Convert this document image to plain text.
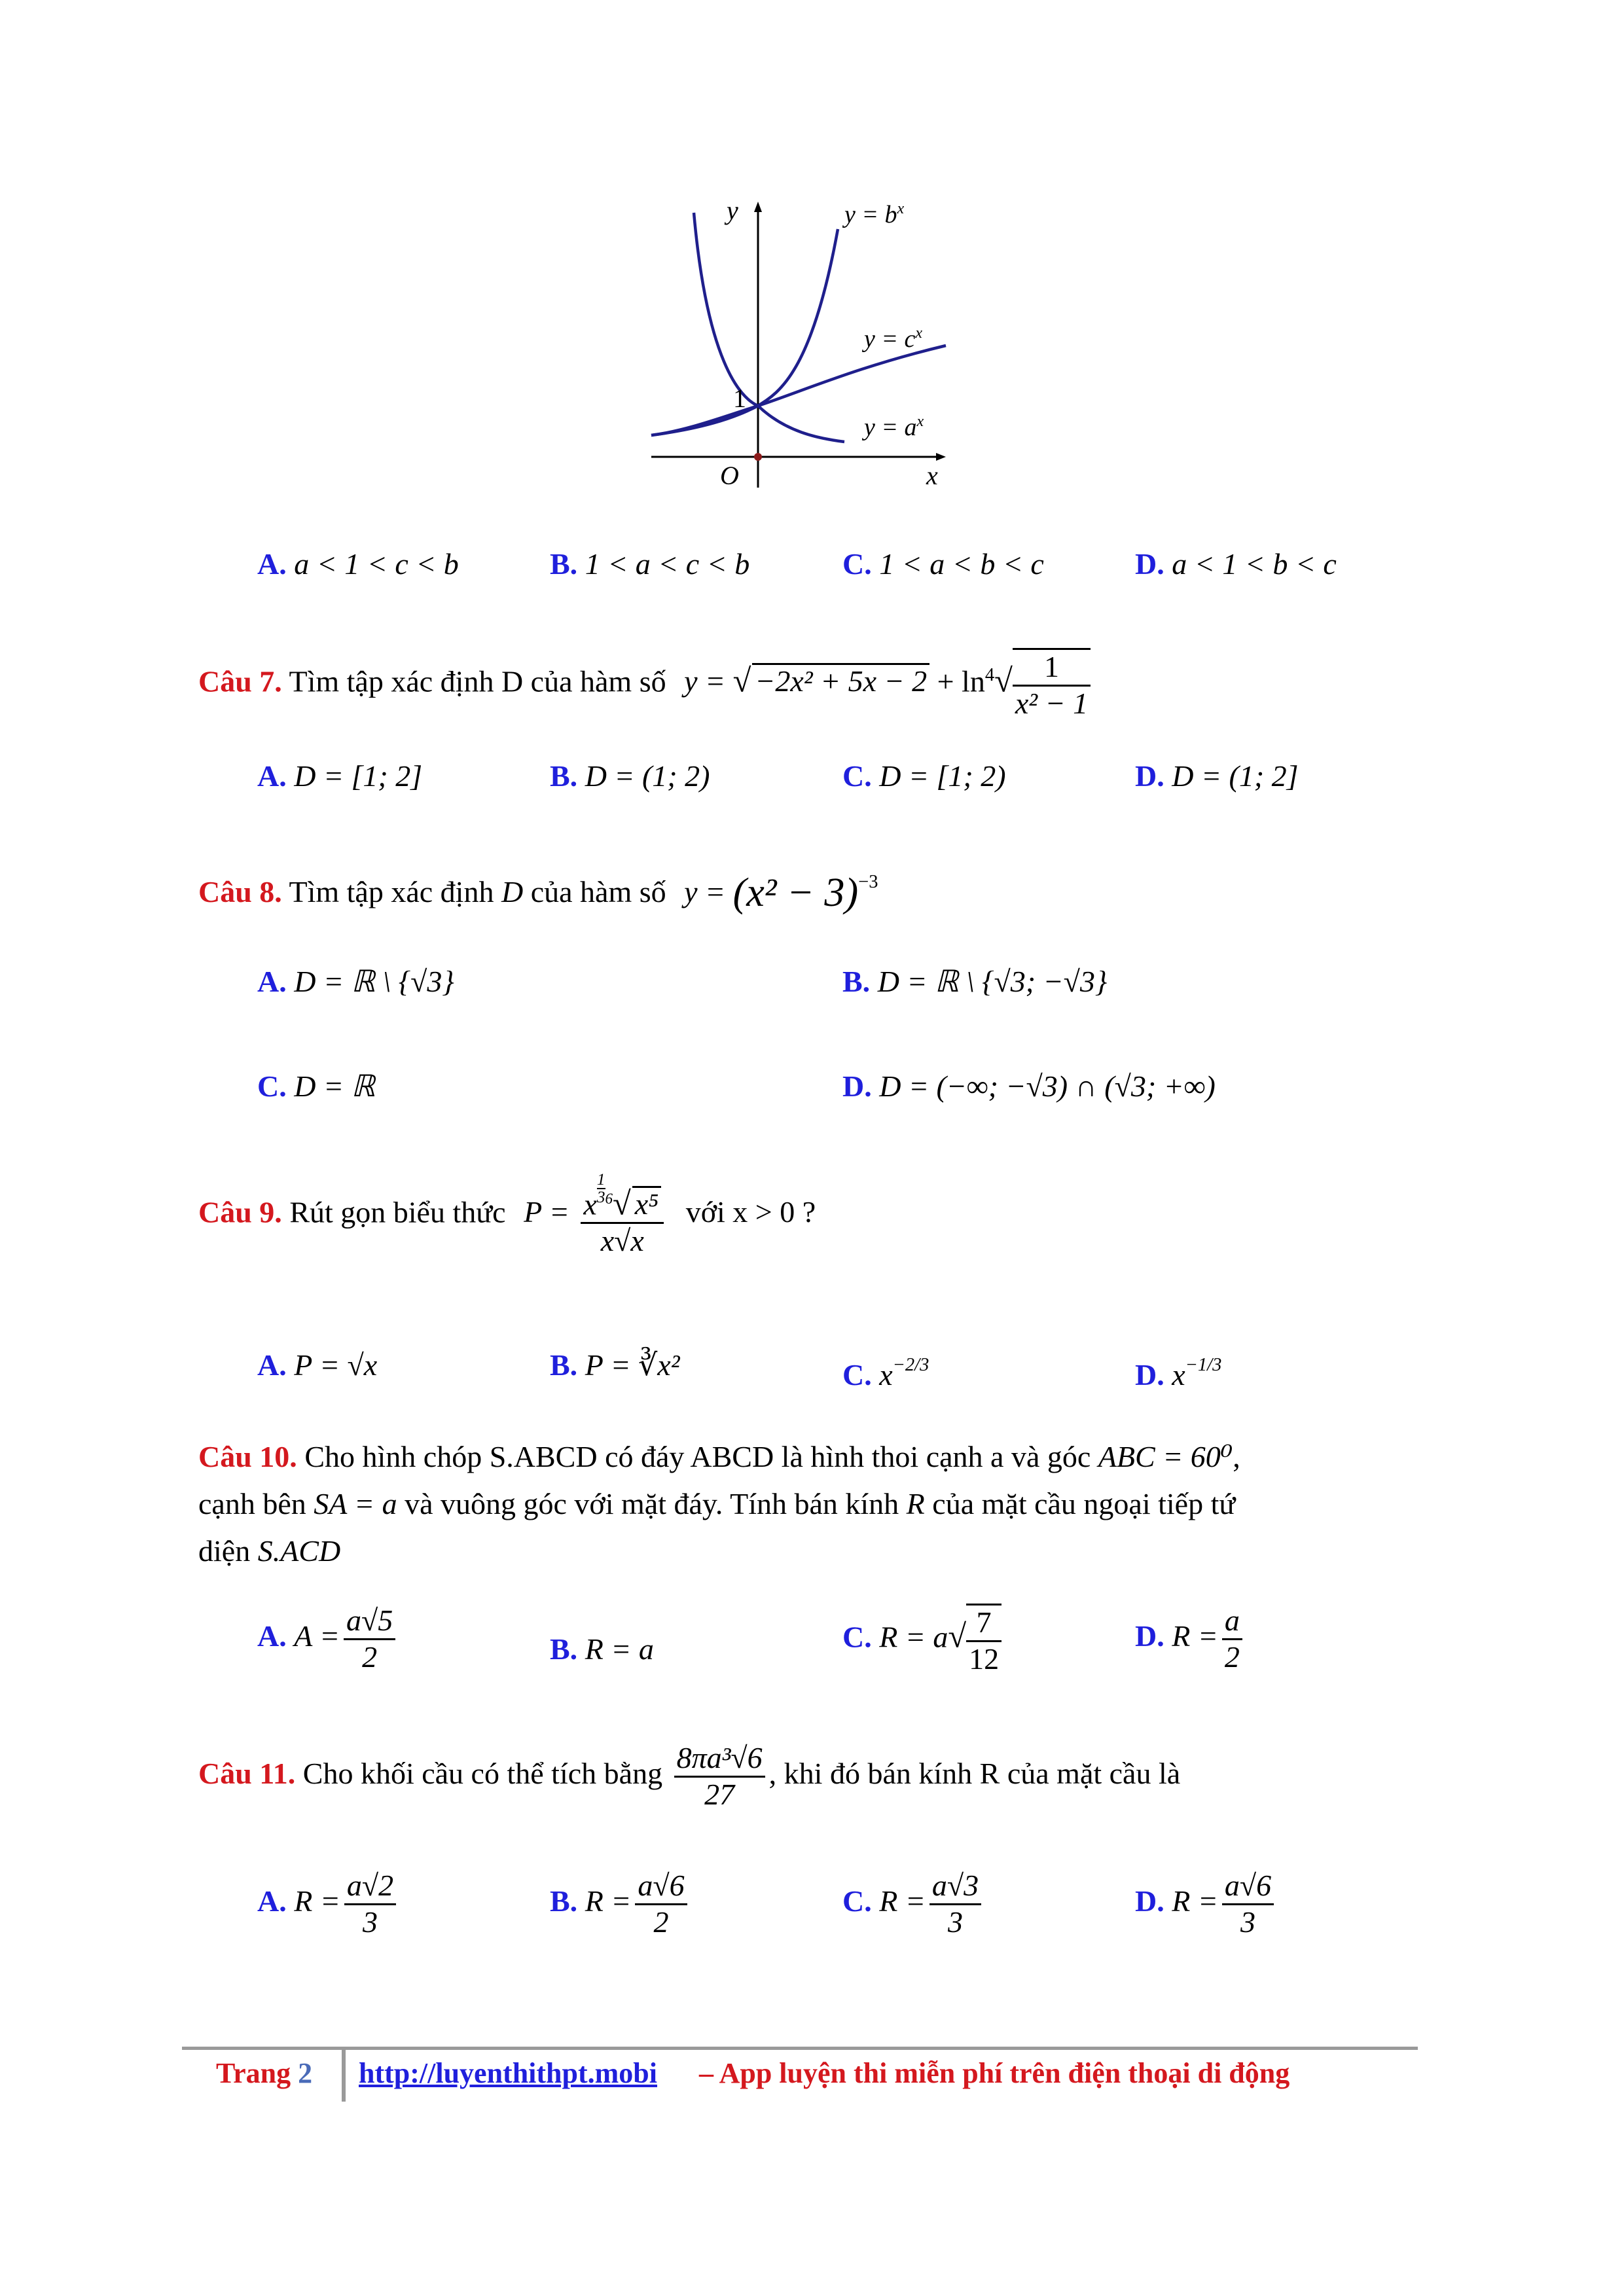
y
x
O
1
$y = b^x$
$y = c^x$
$y = a^x$
A. a < 1 < c < b	B. 1 < a < c < b	C. 1 < a < b < c	D. a < 1 < b < c
Câu 7. Tìm tập xác định D của hàm số y = √ $-2x^2 + 5x - 2 + \ln^4√ \frac{1}{\text{x² − 1}}$
A. D = [1; 2]	B. D = (1; 2)	C. D = [1; 2)	D. D = (1; 2]
Câu 8. Tìm tập xác định D của hàm số $y = (x^2 - 3)^{-3}$
A. D = ℝ \ {√3}	B. D = ℝ \ {√3; −√3}
C. D = ℝ	D. D = (−∞; −√3) ∩ (√3; +∞)
Câu 9. Rút gọn biểu thức P = x $^{\frac{1}{3}}$ $^6$√ x⁵
x√x với x > 0 ?
A. P = √x	B. P = ∛x²	C. $x^{-2/3}$	D. $x^{-1/3}$
Câu 10. Cho hình chóp S.ABCD có đáy ABCD là hình thoi cạnh a và góc ABC = 60⁰,
cạnh bên SA = a và vuông góc với mặt đáy. Tính bán kính R của mặt cầu ngoại tiếp tứ
diện S.ACD
A. $A = \frac{a√5}{2}$	B. R = a	C. $R = a√ \frac{7}{12}$	D. $R = \frac{a}{2}$
Câu 11. Cho khối cầu có thể tích bằng $\frac{\text{8πa³√6}}{27}$ , khi đó bán kính R của mặt cầu là
A. $R = \frac{a√2}{3}$	B. $R = \frac{a√6}{2}$	C. $R = \frac{a√3}{3}$	D. $R = \frac{a√6}{3}$
Trang 2 http://luyenthithpt.mobi – App luyện thi miễn phí trên điện thoại di động
